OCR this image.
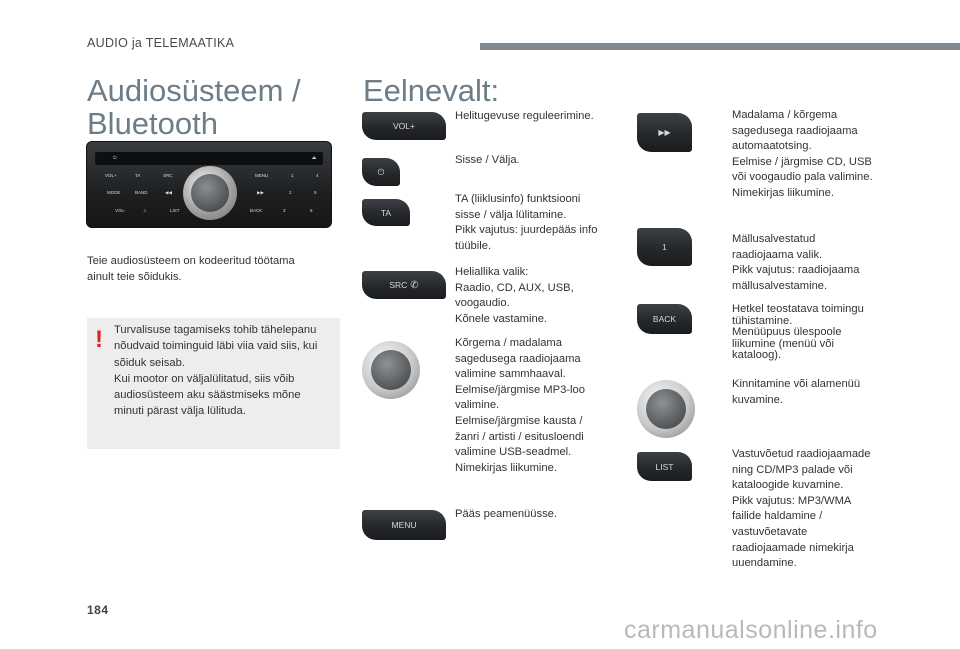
AUDIO ja TELEMAATIKA
Audiosüsteem /
Bluetooth
Eelnevalt:
⏻	⏏
VOL+	TA	SRC	MENU	1	4
MODE	BAND	◀◀	▶▶	2	5
VOL-	♫	LIST	BACK	3	6
Teie audiosüsteem on kodeeritud töötama
ainult teie sõidukis.
! Turvalisuse tagamiseks tohib tähelepanu
nõudvaid toiminguid läbi viia vaid siis, kui
sõiduk seisab.
Kui mootor on väljalülitatud, siis võib
audiosüsteem aku säästmiseks mõne
minuti pärast välja lülituda.
VOL+

Helitugevuse reguleerimine.

⏻

Sisse / Välja.

TA

TA (liiklusinfo) funktsiooni

sisse / välja lülitamine.

Pikk vajutus: juurdepääs info

tüübile.

SRC ✆

Heliallika valik:

Raadio, CD, AUX, USB,

voogaudio.

Kõnele vastamine.

Kõrgema / madalama

sagedusega raadiojaama

valimine sammhaaval.

Eelmise/järgmise MP3-loo

valimine.

Eelmise/järgmise kausta /

žanri / artisti / esitusloendi

valimine USB-seadmel.

Nimekirjas liikumine.

MENU

Pääs peamenüüsse.

▶▶

Madalama / kõrgema

sagedusega raadiojaama

automaatotsing.

Eelmise / järgmise CD, USB

või voogaudio pala valimine.

Nimekirjas liikumine.

1

Mällusalvestatud

raadiojaama valik.

Pikk vajutus: raadiojaama

mällusalvestamine.

BACK

Hetkel teostatava toimingu

tühistamine.

Menüüpuus ülespoole

liikumine (menüü või

kataloog).

Kinnitamine või alamenüü

kuvamine.

LIST

Vastuvõetud raadiojaamade

ning CD/MP3 palade või

kataloogide kuvamine.

Pikk vajutus: MP3/WMA

failide haldamine /

vastuvõetavate

raadiojaamade nimekirja

uuendamine.

184
carmanualsonline.info
